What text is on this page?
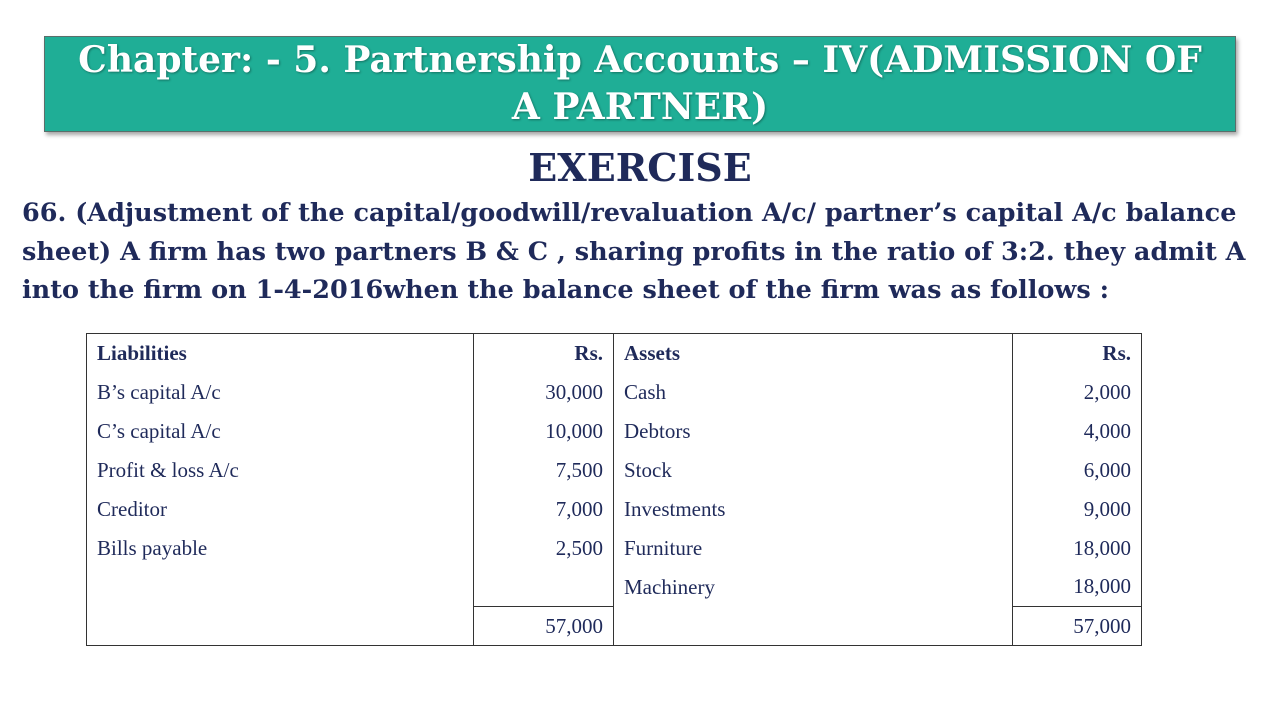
Chapter: - 5. Partnership Accounts – IV(ADMISSION OF A PARTNER)
EXERCISE
66. (Adjustment of the capital/goodwill/revaluation A/c/ partner’s capital A/c balance sheet) A firm has two partners B & C , sharing profits in the ratio of 3:2. they admit A into the firm on 1-4-2016when the balance sheet of the firm was as follows :
Liabilities	Rs.	Assets	Rs.
B’s capital A/c	30,000	Cash	2,000
C’s capital A/c	10,000	Debtors	4,000
Profit & loss A/c	7,500	Stock	6,000
Creditor	7,000	Investments	9,000
Bills payable	2,500	Furniture	18,000
		Machinery	18,000
	57,000		57,000
